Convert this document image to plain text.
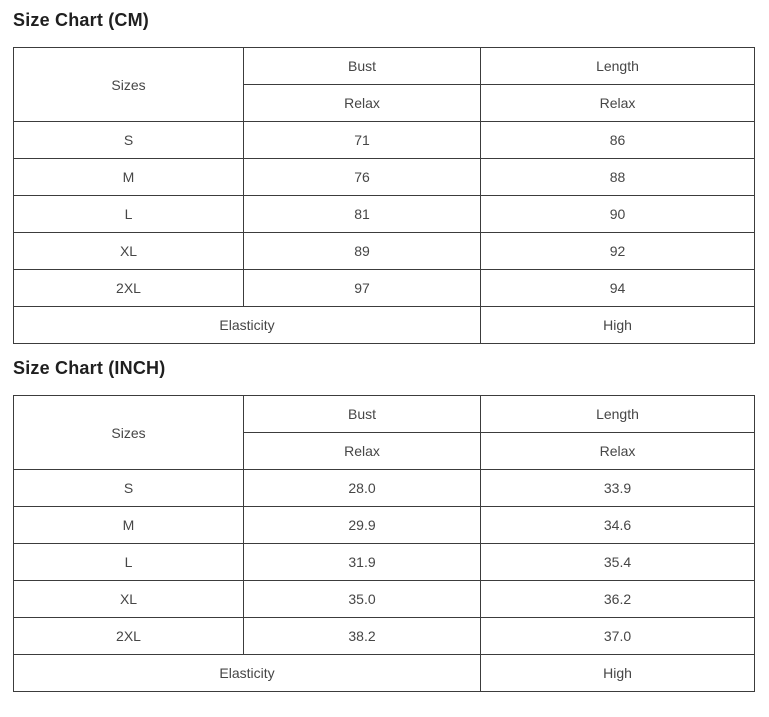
Size Chart (CM)
Sizes	Bust	Length
	Relax	Relax
S	71	86
M	76	88
L	81	90
XL	89	92
2XL	97	94
Elasticity		High
Size Chart (INCH)
Sizes	Bust	Length
	Relax	Relax
S	28.0	33.9
M	29.9	34.6
L	31.9	35.4
XL	35.0	36.2
2XL	38.2	37.0
Elasticity		High
